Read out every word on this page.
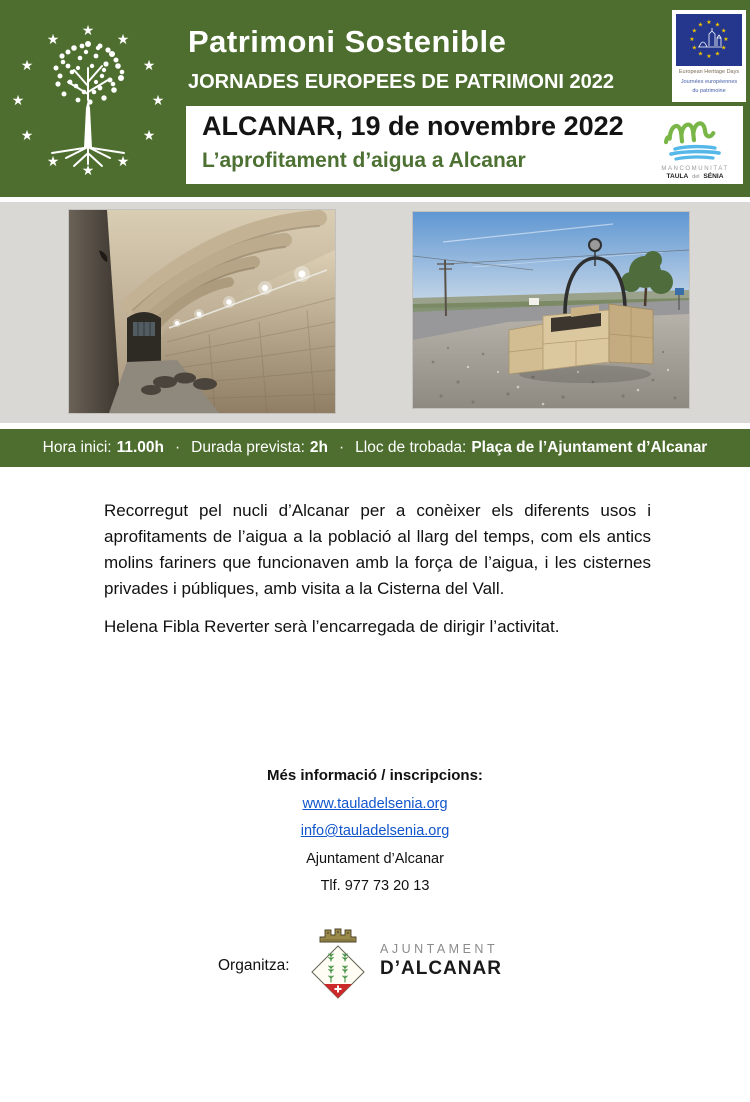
★
★
★
★
★
★
★
★
★
★
★
★	Patrimoni Sostenible
JORNADES EUROPEES DE PATRIMONI 2022
★ ★
★
★
★
★
★
★
★
★
★
★
European Heritage Days
Journées européennes
du patrimoine
ALCANAR, 19 de novembre 2022
L’aprofitament d’aigua a Alcanar	MANCOMUNITAT
TAULA del SÉNIA
Hora inici: 11.00h · Durada prevista: 2h · Lloc de trobada: Plaça de l’Ajuntament d’Alcanar

Recorregut pel nucli d’Alcanar per a conèixer els diferents usos i aprofitaments de l’aigua a la població al llarg del temps, com els antics molins fariners que funcionaven amb la força de l’aigua, i les cisternes privades i públiques, amb visita a la Cisterna del Vall.

Helena Fibla Reverter serà l’encarregada de dirigir l’activitat.

Més informació / inscripcions:
www.tauladelsenia.org
info@tauladelsenia.org
Ajuntament d’Alcanar
Tlf. 977 73 20 13
Organitza:
AJUNTAMENT
D’ALCANAR
